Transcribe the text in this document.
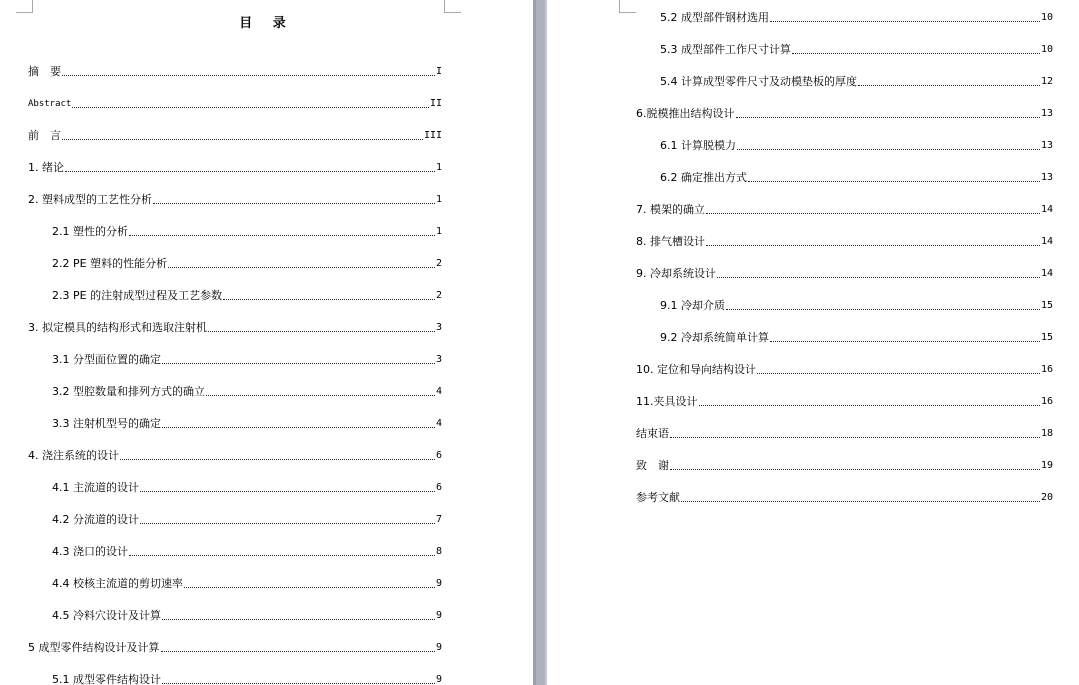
目 录
摘　要	I
Abstract	II
前　言	III
1. 绪论	1
2. 塑料成型的工艺性分析	1
2.1 塑性的分析	1
2.2 PE 塑料的性能分析	2
2.3 PE 的注射成型过程及工艺参数	2
3. 拟定模具的结构形式和选取注射机	3
3.1 分型面位置的确定	3
3.2 型腔数量和排列方式的确立	4
3.3 注射机型号的确定	4
4. 浇注系统的设计	6
4.1 主流道的设计	6
4.2 分流道的设计	7
4.3 浇口的设计	8
4.4 校核主流道的剪切速率	9
4.5 冷料穴设计及计算	9
5 成型零件结构设计及计算	9
5.1 成型零件结构设计	9
5.2 成型部件钢材选用	10
5.3 成型部件工作尺寸计算	10
5.4 计算成型零件尺寸及动模垫板的厚度	12
6.脱模推出结构设计	13
6.1 计算脱模力	13
6.2 确定推出方式	13
7. 模架的确立	14
8. 排气槽设计	14
9. 冷却系统设计	14
9.1 冷却介质	15
9.2 冷却系统简单计算	15
10. 定位和导向结构设计	16
11.夹具设计	16
结束语	18
致　谢	19
参考文献	20
